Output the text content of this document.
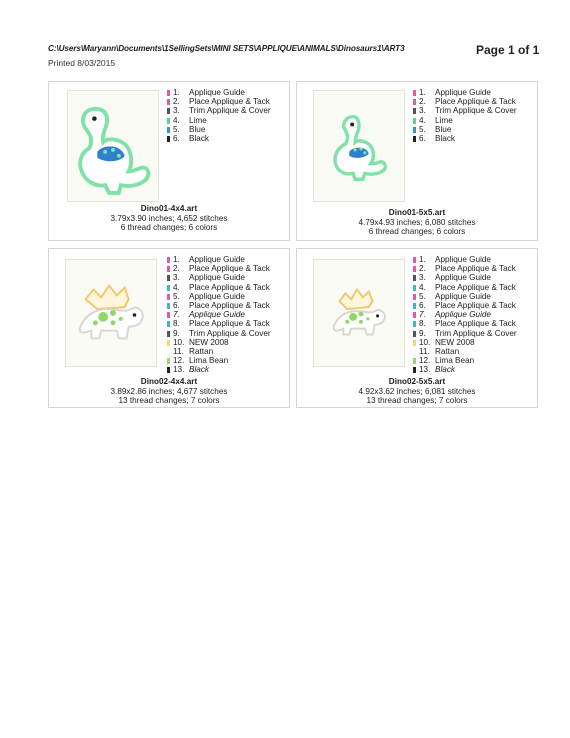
C:\Users\Maryann\Documents\1SellingSets\MINI SETS\APPLIQUE\ANIMALS\Dinosaurs1\ART3
Printed 8/03/2015
Page 1 of 1
1. Applique Guide
2. Place Applique & Tack
3. Trim Applique & Cover
4. Lime
5. Blue
6. Black
Dino01-4x4.art
3.79x3.90 inches; 4,652 stitches
6 thread changes; 6 colors
1. Applique Guide
2. Place Applique & Tack
3. Trim Applique & Cover
4. Lime
5. Blue
6. Black
Dino01-5x5.art
4.79x4.93 inches; 6,080 stitches
6 thread changes; 6 colors
1. Applique Guide
2. Place Applique & Tack
3. Applique Guide
4. Place Applique & Tack
5. Applique Guide
6. Place Applique & Tack
7. Applique Guide
8. Place Applique & Tack
9. Trim Applique & Cover
10. NEW 2008
11. Rattan
12. Lima Bean
13. Black
Dino02-4x4.art
3.89x2.86 inches; 4,677 stitches
13 thread changes; 7 colors
1. Applique Guide
2. Place Applique & Tack
3. Applique Guide
4. Place Applique & Tack
5. Applique Guide
6. Place Applique & Tack
7. Applique Guide
8. Place Applique & Tack
9. Trim Applique & Cover
10. NEW 2008
11. Rattan
12. Lima Bean
13. Black
Dino02-5x5.art
4.92x3.62 inches; 6,081 stitches
13 thread changes; 7 colors
